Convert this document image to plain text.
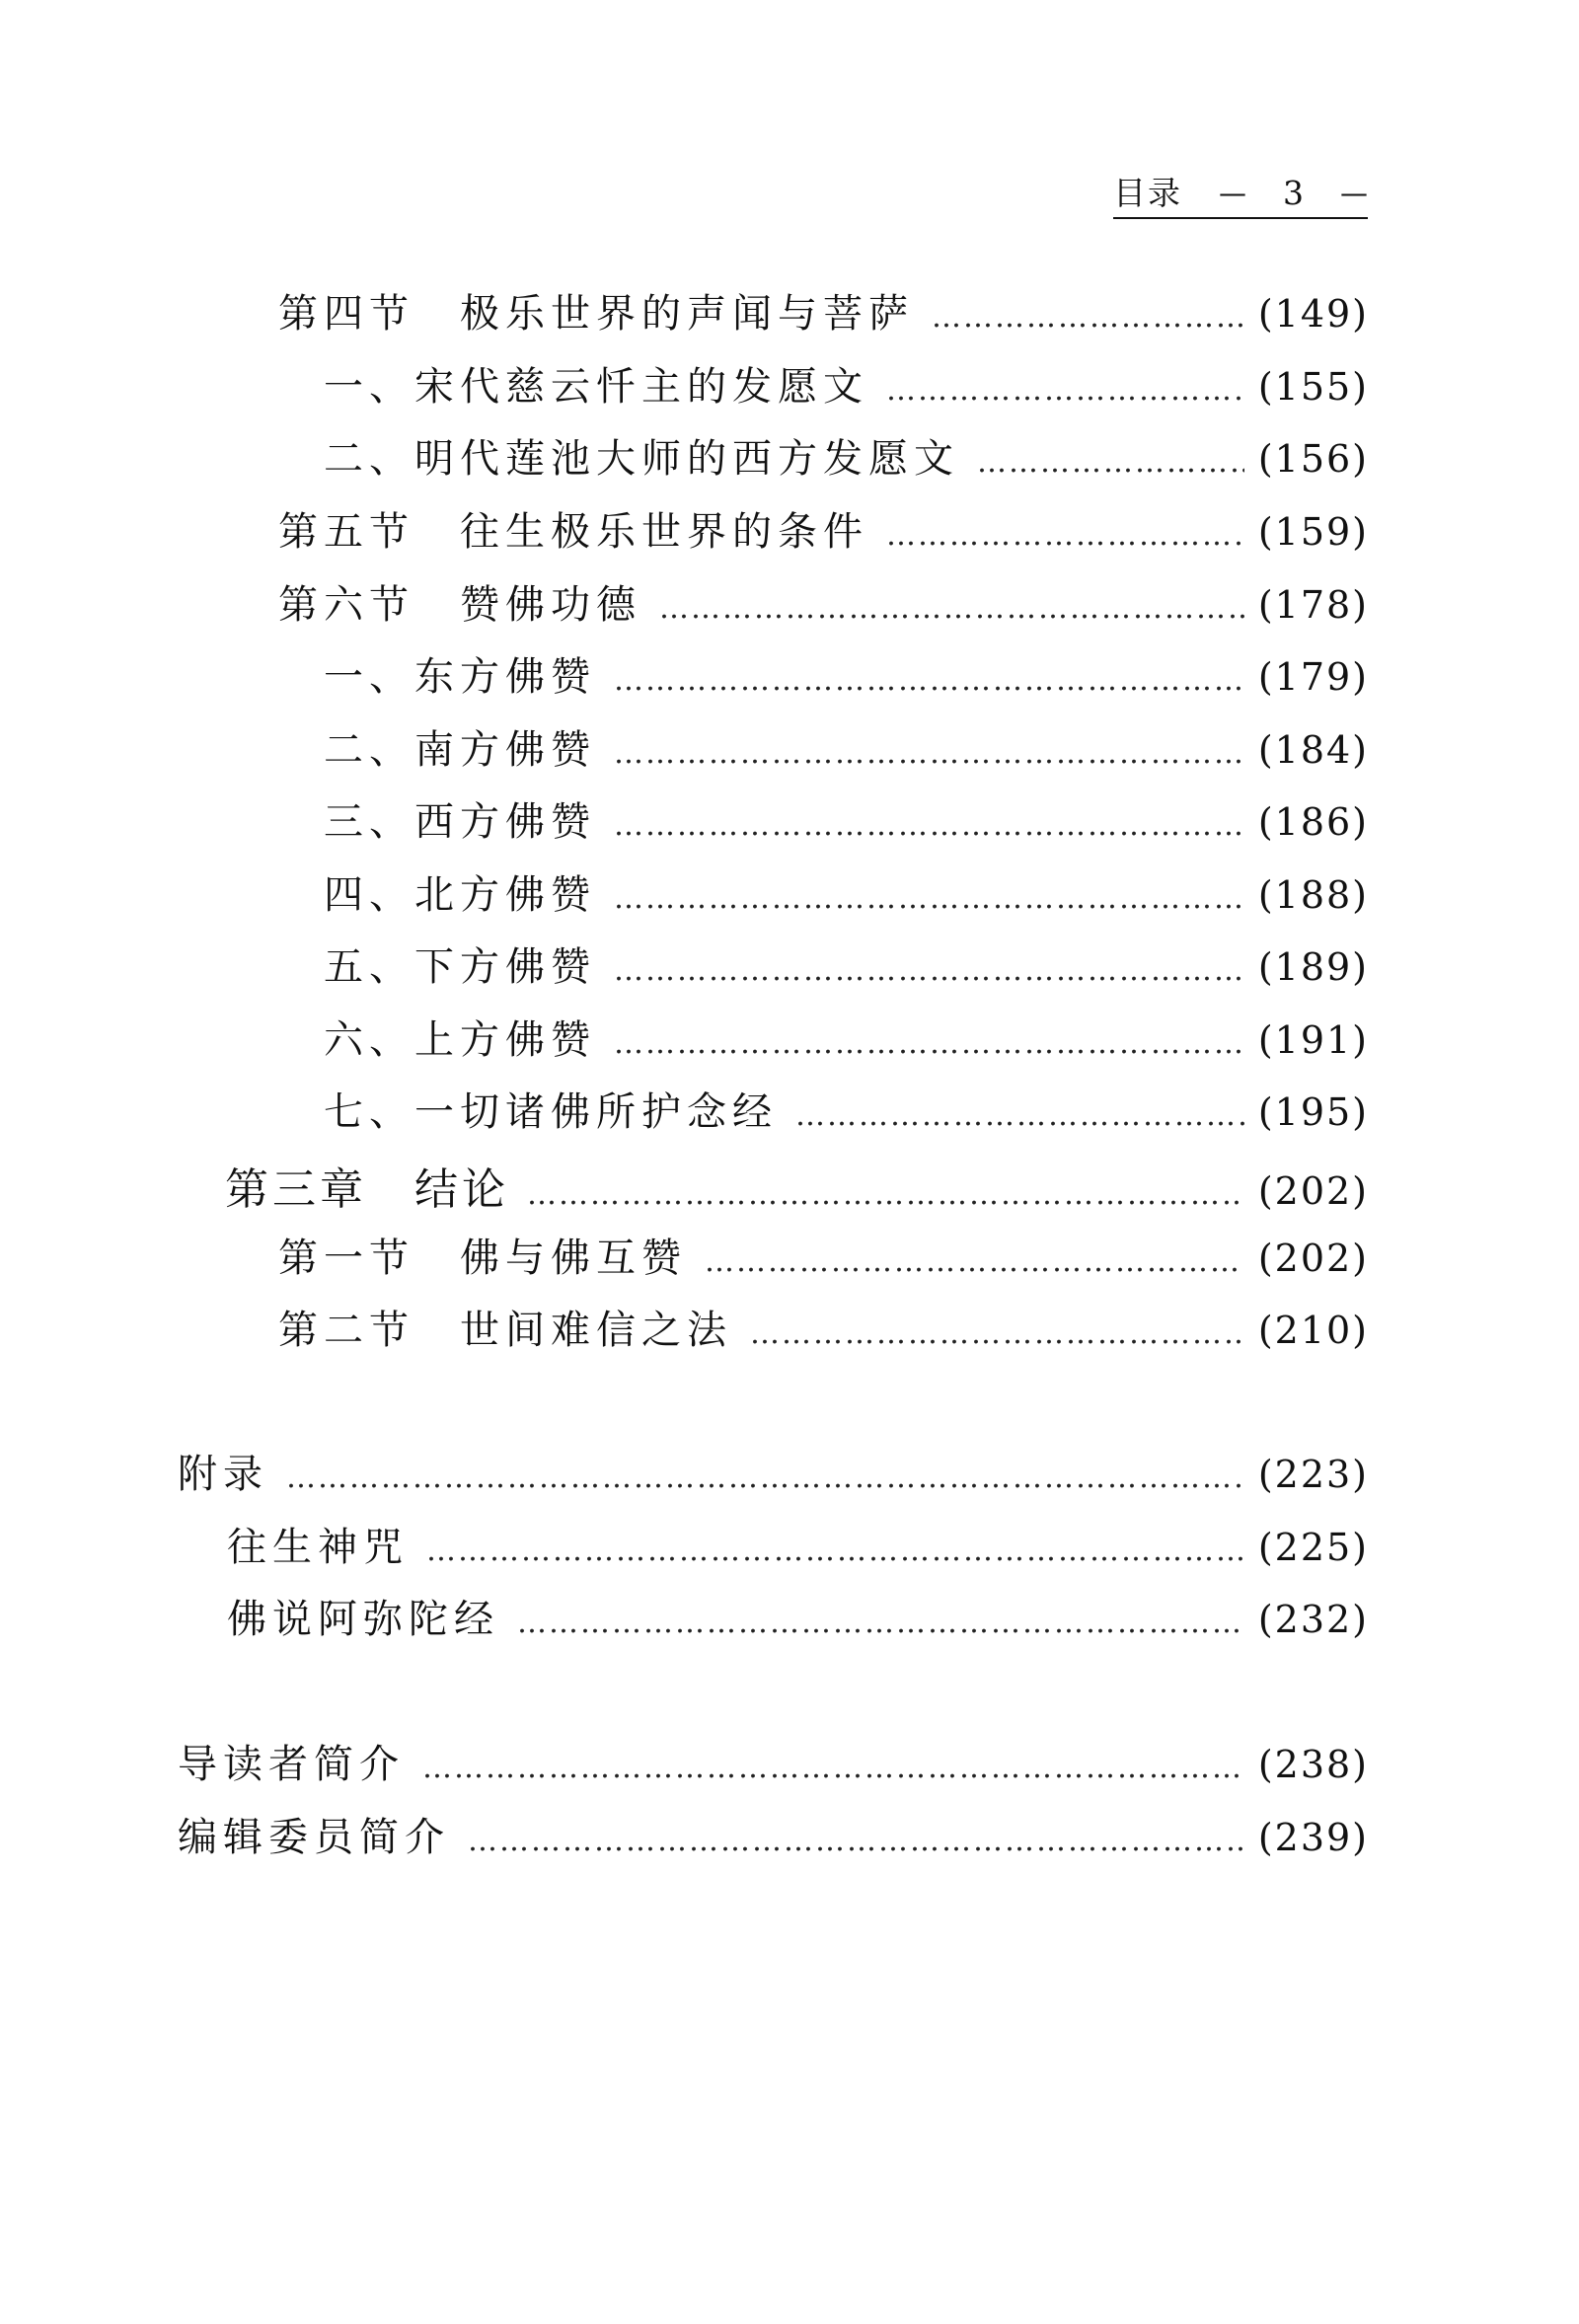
目录 — 3 —
第四节　极乐世界的声闻与菩萨 ……………………………………………………………………………………………………………………………………………………………………………………………………………………………………	(149)
一、宋代慈云忏主的发愿文 ……………………………………………………………………………………………………………………………………………………………………………………………………………………………………	(155)
二、明代莲池大师的西方发愿文 ……………………………………………………………………………………………………………………………………………………………………………………………………………………………………	(156)
第五节　往生极乐世界的条件 ……………………………………………………………………………………………………………………………………………………………………………………………………………………………………	(159)
第六节　赞佛功德 ……………………………………………………………………………………………………………………………………………………………………………………………………………………………………	(178)
一、东方佛赞 ……………………………………………………………………………………………………………………………………………………………………………………………………………………………………	(179)
二、南方佛赞 ……………………………………………………………………………………………………………………………………………………………………………………………………………………………………	(184)
三、西方佛赞 ……………………………………………………………………………………………………………………………………………………………………………………………………………………………………	(186)
四、北方佛赞 ……………………………………………………………………………………………………………………………………………………………………………………………………………………………………	(188)
五、下方佛赞 ……………………………………………………………………………………………………………………………………………………………………………………………………………………………………	(189)
六、上方佛赞 ……………………………………………………………………………………………………………………………………………………………………………………………………………………………………	(191)
七、一切诸佛所护念经 ……………………………………………………………………………………………………………………………………………………………………………………………………………………………………	(195)
第三章　结论 ……………………………………………………………………………………………………………………………………………………………………………………………………………………………………	(202)
第一节　佛与佛互赞 ……………………………………………………………………………………………………………………………………………………………………………………………………………………………………	(202)
第二节　世间难信之法 ……………………………………………………………………………………………………………………………………………………………………………………………………………………………………	(210)
附录 ……………………………………………………………………………………………………………………………………………………………………………………………………………………………………	(223)
往生神咒 ……………………………………………………………………………………………………………………………………………………………………………………………………………………………………	(225)
佛说阿弥陀经 ……………………………………………………………………………………………………………………………………………………………………………………………………………………………………	(232)
导读者简介 ……………………………………………………………………………………………………………………………………………………………………………………………………………………………………	(238)
编辑委员简介 ……………………………………………………………………………………………………………………………………………………………………………………………………………………………………	(239)
